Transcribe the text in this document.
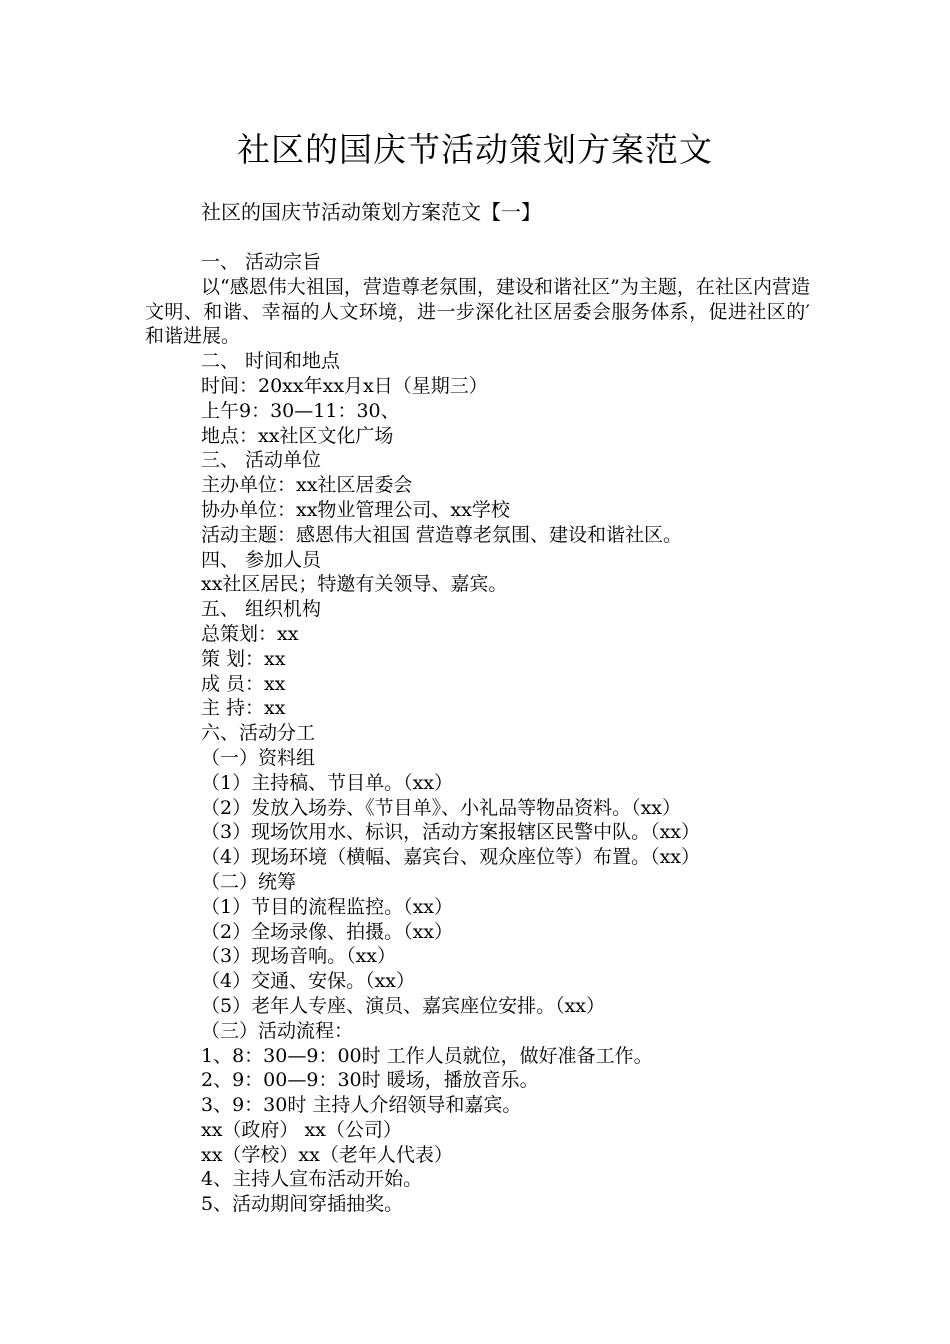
社区的国庆节活动策划方案范文

社区的国庆节活动策划方案范文【一】

一、 活动宗旨

以“感恩伟大祖国，营造尊老氛围，建设和谐社区”为主题，在社区内营造文明、和谐、幸福的人文环境，进一步深化社区居委会服务体系，促进社区的′ 和谐进展。

二、 时间和地点

时间：20xx年xx月x日（星期三）

上午9：30—11：30、

地点：xx社区文化广场

三、 活动单位

主办单位：xx社区居委会

协办单位：xx物业管理公司、xx学校

活动主题：感恩伟大祖国 营造尊老氛围、建设和谐社区。

四、 参加人员

xx社区居民；特邀有关领导、嘉宾。

五、 组织机构

总策划：xx

策 划：xx

成 员：xx

主 持：xx

六、活动分工

（一）资料组

（1）主持稿、节目单。（xx）

（2）发放入场券、《节目单》、小礼品等物品资料。（xx）

（3）现场饮用水、标识，活动方案报辖区民警中队。（xx）

（4）现场环境（横幅、嘉宾台、观众座位等）布置。（xx）

（二）统筹

（1）节目的流程监控。（xx）

（2）全场录像、拍摄。（xx）

（3）现场音响。（xx）

（4）交通、安保。（xx）

（5）老年人专座、演员、嘉宾座位安排。（xx）

（三）活动流程：

1、8：30—9：00时 工作人员就位，做好准备工作。

2、9：00—9：30时 暖场，播放音乐。

3、9：30时 主持人介绍领导和嘉宾。

xx（政府） xx（公司）

xx（学校）xx（老年人代表）

4、主持人宣布活动开始。

5、活动期间穿插抽奖。
